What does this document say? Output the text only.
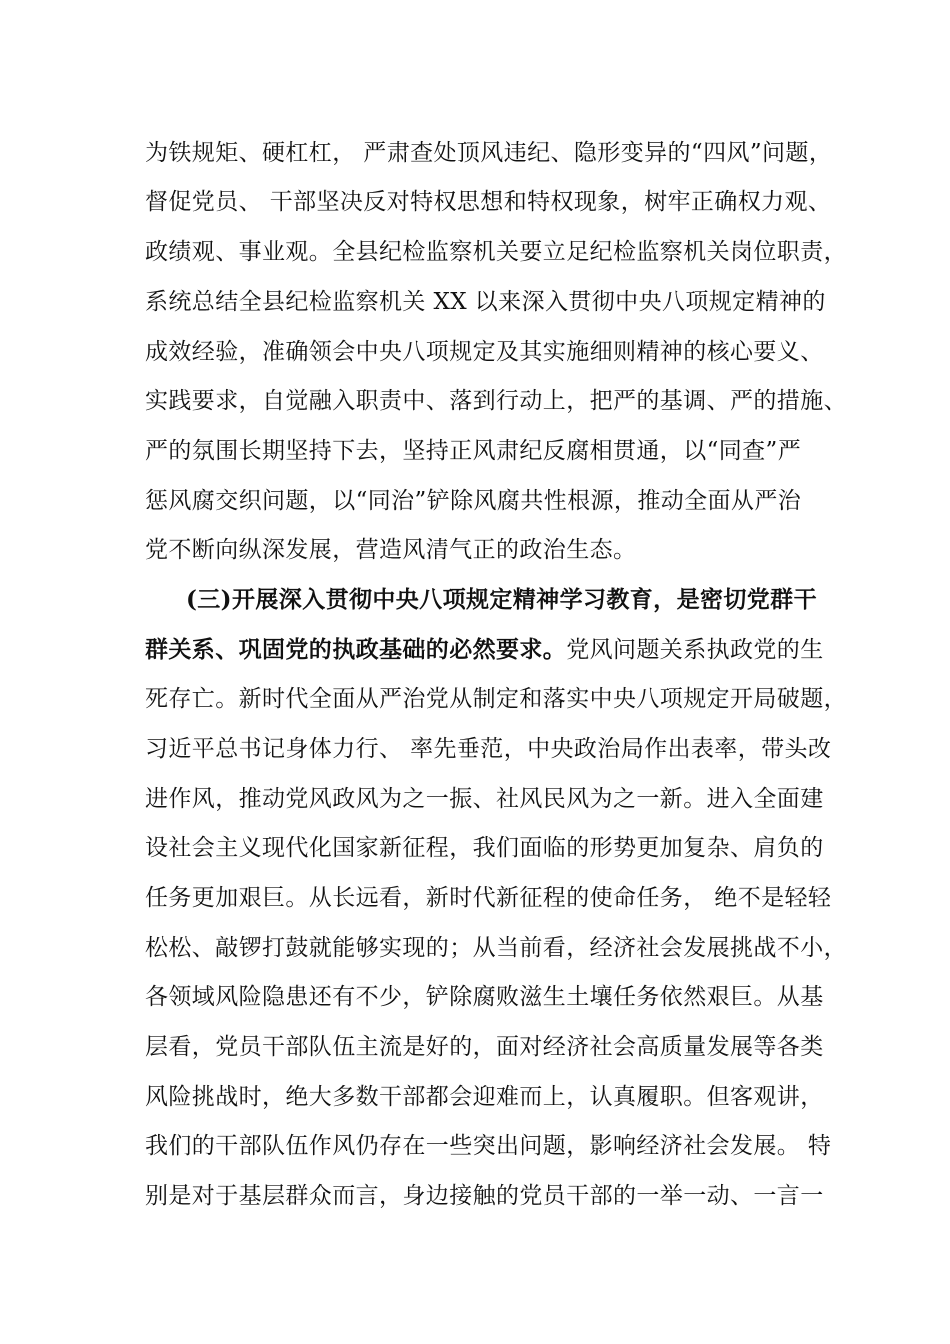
为铁规矩、硬杠杠， 严肃查处顶风违纪、隐形变异的“四风”问题，
督促党员、 干部坚决反对特权思想和特权现象，树牢正确权力观、
政绩观、事业观。全县纪检监察机关要立足纪检监察机关岗位职责，
系统总结全县纪检监察机关 XX 以来深入贯彻中央八项规定精神的
成效经验，准确领会中央八项规定及其实施细则精神的核心要义、
实践要求，自觉融入职责中、落到行动上，把严的基调、严的措施、
严的氛围长期坚持下去，坚持正风肃纪反腐相贯通，以“同查”严
惩风腐交织问题，以“同治”铲除风腐共性根源，推动全面从严治
党不断向纵深发展，营造风清气正的政治生态。
(三)开展深入贯彻中央八项规定精神学习教育，是密切党群干
群关系、巩固党的执政基础的必然要求。党风问题关系执政党的生
死存亡。新时代全面从严治党从制定和落实中央八项规定开局破题，
习近平总书记身体力行、 率先垂范，中央政治局作出表率，带头改
进作风，推动党风政风为之一振、社风民风为之一新。进入全面建
设社会主义现代化国家新征程，我们面临的形势更加复杂、肩负的
任务更加艰巨。从长远看，新时代新征程的使命任务， 绝不是轻轻
松松、敲锣打鼓就能够实现的；从当前看，经济社会发展挑战不小，
各领域风险隐患还有不少，铲除腐败滋生土壤任务依然艰巨。从基
层看，党员干部队伍主流是好的，面对经济社会高质量发展等各类
风险挑战时，绝大多数干部都会迎难而上，认真履职。但客观讲，
我们的干部队伍作风仍存在一些突出问题，影响经济社会发展。 特
别是对于基层群众而言，身边接触的党员干部的一举一动、一言一
